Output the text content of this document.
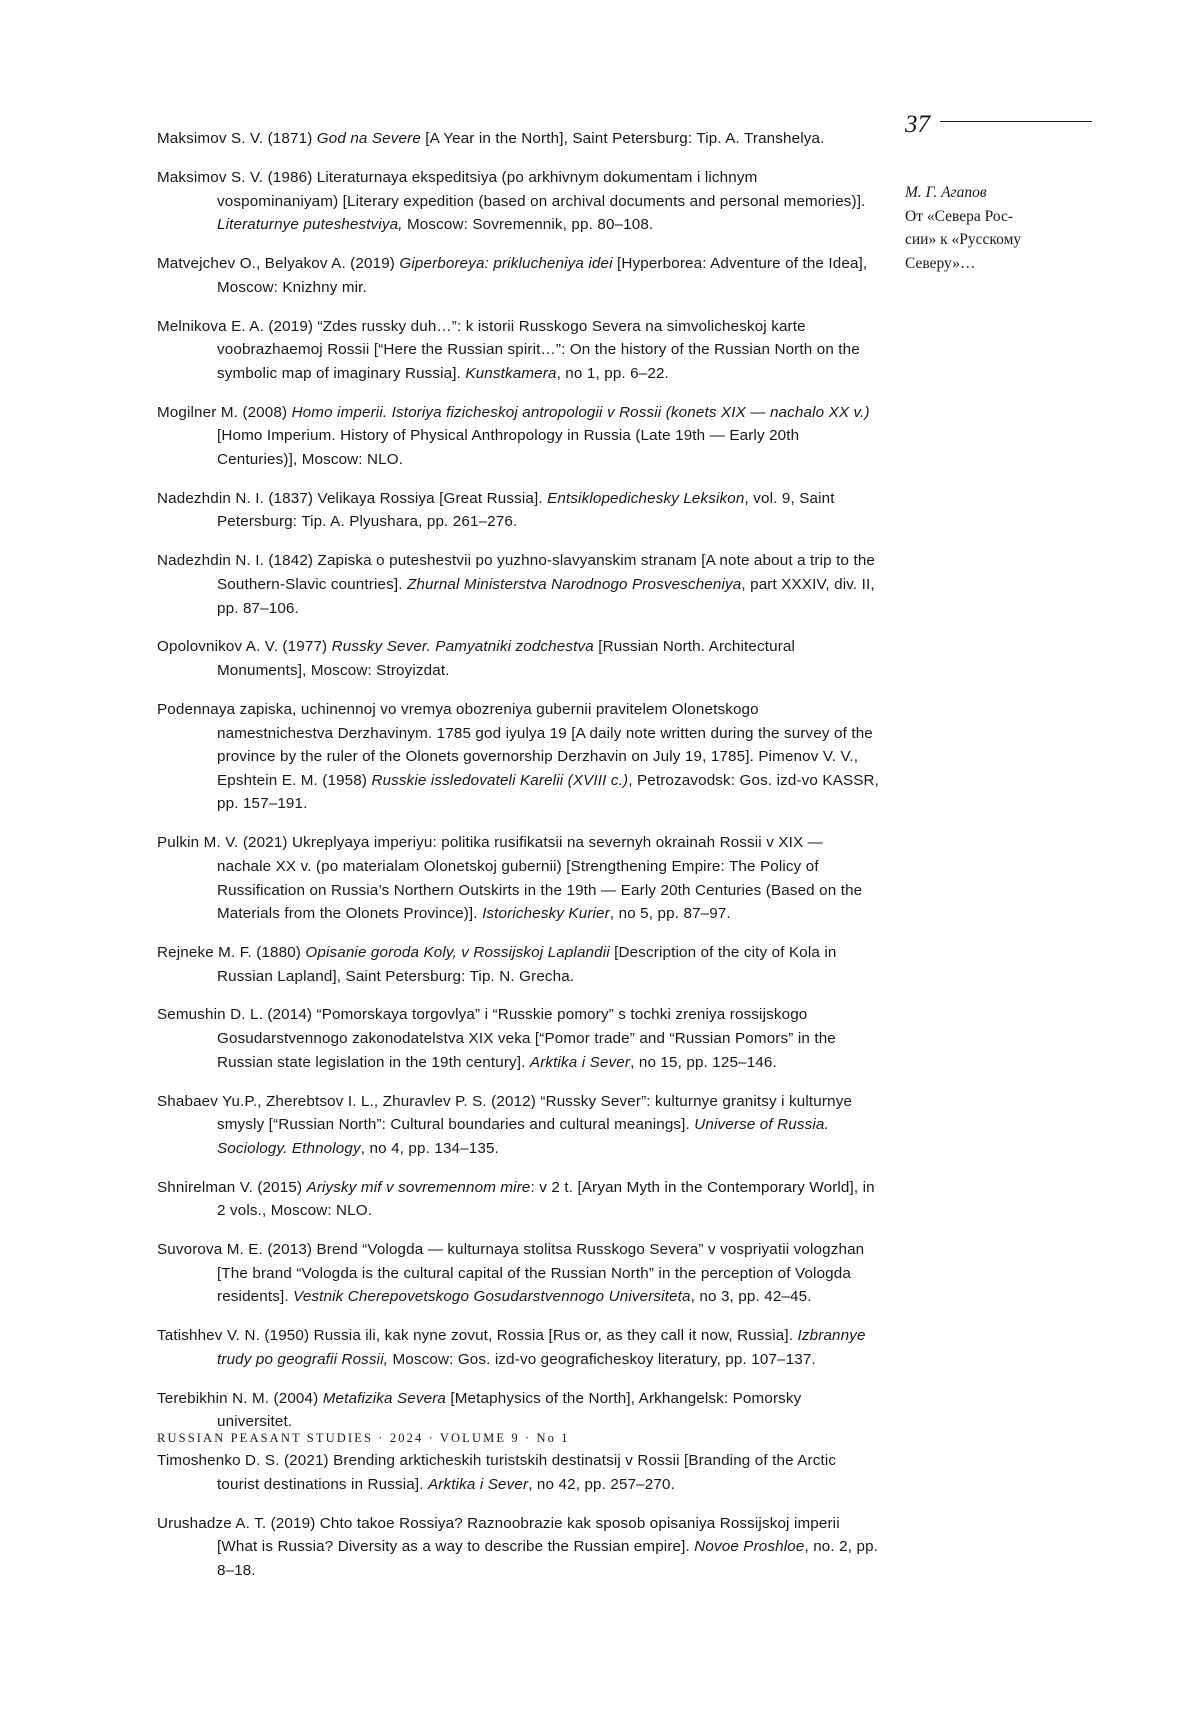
37
М. Г. Агапов
От «Севера Рос-
сии» к «Русскому
Северу»…

Maksimov S. V. (1871) God na Severe [A Year in the North], Saint Petersburg: Tip. A. Transhelya.

Maksimov S. V. (1986) Literaturnaya ekspeditsiya (po arkhivnym dokumentam i lichnym vospominaniyam) [Literary expedition (based on archival documents and personal memories)]. Literaturnye puteshestviya, Moscow: Sovremennik, pp. 80–108.

Matvejchev O., Belyakov A. (2019) Giperboreya: priklucheniya idei [Hyperborea: Adventure of the Idea], Moscow: Knizhny mir.

Melnikova E. A. (2019) “Zdes russky duh…”: k istorii Russkogo Severa na simvolicheskoj karte voobrazhaemoj Rossii [“Here the Russian spirit…”: On the history of the Russian North on the symbolic map of imaginary Russia]. Kunstkamera, no 1, pp. 6–22.

Mogilner M. (2008) Homo imperii. Istoriya fizicheskoj antropologii v Rossii (konets XIX — nachalo XX v.) [Homo Imperium. History of Physical Anthropology in Russia (Late 19th — Early 20th Centuries)], Moscow: NLO.

Nadezhdin N. I. (1837) Velikaya Rossiya [Great Russia]. Entsiklopedichesky Leksikon, vol. 9, Saint Petersburg: Tip. A. Plyushara, pp. 261–276.

Nadezhdin N. I. (1842) Zapiska o puteshestvii po yuzhno-slavyanskim stranam [A note about a trip to the Southern-Slavic countries]. Zhurnal Ministerstva Narodnogo Prosvescheniya, part XXXIV, div. II, pp. 87–106.

Opolovnikov A. V. (1977) Russky Sever. Pamyatniki zodchestva [Russian North. Architectural Monuments], Moscow: Stroyizdat.

Podennaya zapiska, uchinennoj vo vremya obozreniya gubernii pravitelem Olonetskogo namestnichestva Derzhavinym. 1785 god iyulya 19 [A daily note written during the survey of the province by the ruler of the Olonets governorship Derzhavin on July 19, 1785]. Pimenov V. V., Epshtein E. M. (1958) Russkie issledovateli Karelii (XVIII c.), Petrozavodsk: Gos. izd-vo KASSR, pp. 157–191.

Pulkin M. V. (2021) Ukreplyaya imperiyu: politika rusifikatsii na severnyh okrainah Rossii v XIX — nachale XX v. (po materialam Olonetskoj gubernii) [Strengthening Empire: The Policy of Russification on Russia’s Northern Outskirts in the 19th — Early 20th Centuries (Based on the Materials from the Olonets Province)]. Istorichesky Kurier, no 5, pp. 87–97.

Rejneke M. F. (1880) Opisanie goroda Koly, v Rossijskoj Laplandii [Description of the city of Kola in Russian Lapland], Saint Petersburg: Tip. N. Grecha.

Semushin D. L. (2014) “Pomorskaya torgovlya” i “Russkie pomory” s tochki zreniya rossijskogo Gosudarstvennogo zakonodatelstva XIX veka [“Pomor trade” and “Russian Pomors” in the Russian state legislation in the 19th century]. Arktika i Sever, no 15, pp. 125–146.

Shabaev Yu.P., Zherebtsov I. L., Zhuravlev P. S. (2012) “Russky Sever”: kulturnye granitsy i kulturnye smysly [“Russian North”: Cultural boundaries and cultural meanings]. Universe of Russia. Sociology. Ethnology, no 4, pp. 134–135.

Shnirelman V. (2015) Ariysky mif v sovremennom mire: v 2 t. [Aryan Myth in the Contemporary World], in 2 vols., Moscow: NLO.

Suvorova M. E. (2013) Brend “Vologda — kulturnaya stolitsa Russkogo Severa” v vospriyatii vologzhan [The brand “Vologda is the cultural capital of the Russian North” in the perception of Vologda residents]. Vestnik Cherepovetskogo Gosudarstvennogo Universiteta, no 3, pp. 42–45.

Tatishhev V. N. (1950) Russia ili, kak nyne zovut, Rossia [Rus or, as they call it now, Russia]. Izbrannye trudy po geografii Rossii, Moscow: Gos. izd-vo geograficheskoy literatury, pp. 107–137.

Terebikhin N. M. (2004) Metafizika Severa [Metaphysics of the North], Arkhangelsk: Pomorsky universitet.

Timoshenko D. S. (2021) Brending arkticheskih turistskih destinatsij v Rossii [Branding of the Arctic tourist destinations in Russia]. Arktika i Sever, no 42, pp. 257–270.

Urushadze A. T. (2019) Chto takoe Rossiya? Raznoobrazie kak sposob opisaniya Rossijskoj imperii [What is Russia? Diversity as a way to describe the Russian empire]. Novoe Proshloe, no. 2, pp. 8–18.

RUSSIAN PEASANT STUDIES · 2024 · VOLUME 9 · No 1
